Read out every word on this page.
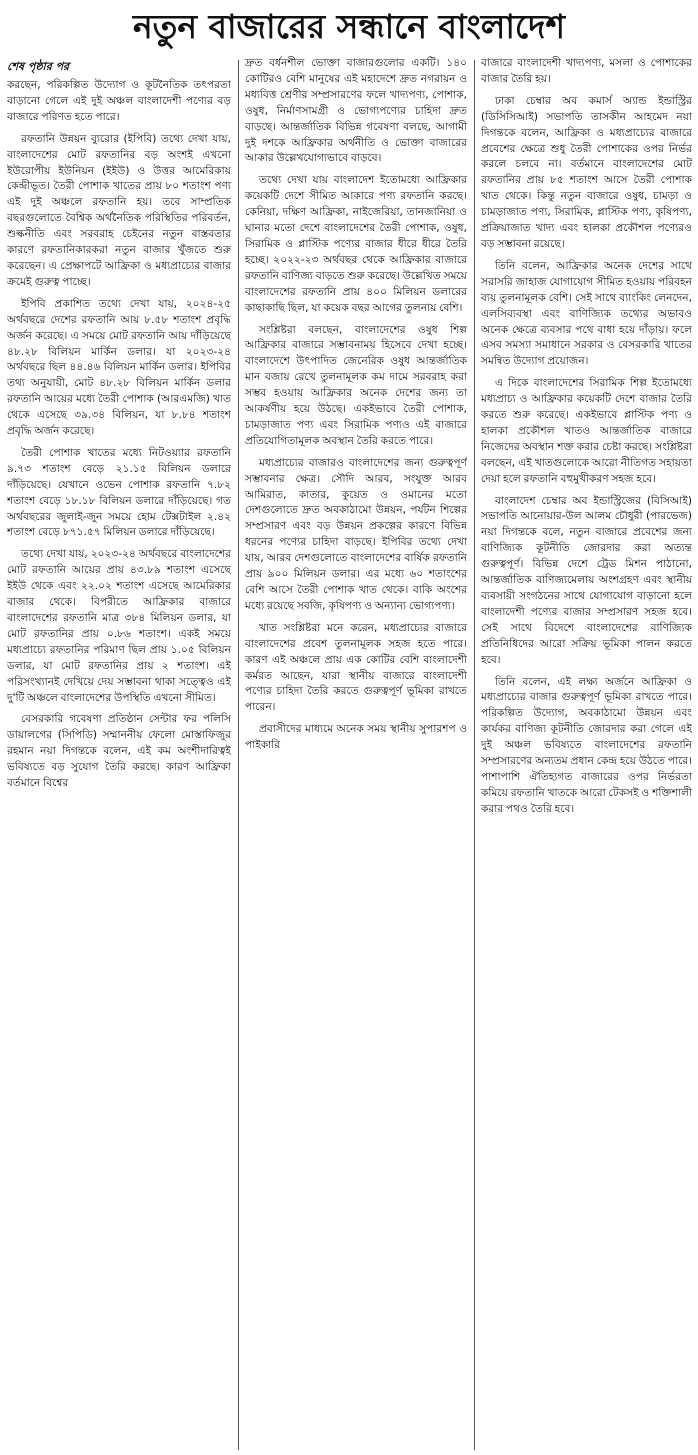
নতুন বাজারের সন্ধানে বাংলাদেশ
শেষ পৃষ্ঠার পর

করছেন, পরিকল্পিত উদ্যোগ ও কূটনৈতিক তৎপরতা বাড়ানো গেলে এই দুই অঞ্চল বাংলাদেশী পণ্যের বড় বাজারে পরিণত হতে পারে।

রফতানি উন্নয়ন ব্যুরোর (ইপিবি) তথ্যে দেখা যায়, বাংলাদেশের মোট রফতানির বড় অংশই এখনো ইউরোপীয় ইউনিয়ন (ইইউ) ও উত্তর আমেরিকায় কেন্দ্রীভূত। তৈরী পোশাক খাতের প্রায় ৮০ শতাংশ পণ্য এই দুই অঞ্চলে রফতানি হয়। তবে সাম্প্রতিক বছরগুলোতে বৈশ্বিক অর্থনৈতিক পরিস্থিতির পরিবর্তন, শুল্কনীতি এবং সরবরাহ চেইনের নতুন বাস্তবতার কারণে রফতানিকারকরা নতুন বাজার খুঁজতে শুরু করেছেন। এ প্রেক্ষাপটে আফ্রিকা ও মধ্যপ্রাচ্যের বাজার ক্রমেই গুরুত্ব পাচ্ছে।

ইপিবি প্রকাশিত তথ্যে দেখা যায়, ২০২৪-২৫ অর্থবছরে দেশের রফতানি আয় ৮.৫৮ শতাংশ প্রবৃদ্ধি অর্জন করেছে। এ সময়ে মোট রফতানি আয় দাঁড়িয়েছে ৪৮.২৮ বিলিয়ন মার্কিন ডলার। যা ২০২৩-২৪ অর্থবছরে ছিল ৪৪.৪৬ বিলিয়ন মার্কিন ডলার। ইপিবির তথ্য অনুযায়ী, মোট ৪৮.২৮ বিলিয়ন মার্কিন ডলার রফতানি আয়ের মধ্যে তৈরী পোশাক (আরএমজি) খাত থেকে এসেছে ৩৯.৩৪ বিলিয়ন, যা ৮.৮৪ শতাংশ প্রবৃদ্ধি অর্জন করেছে।

তৈরী পোশাক খাতের মধ্যে নিটওয়্যার রফতানি ৯.৭৩ শতাংশ বেড়ে ২১.১৫ বিলিয়ন ডলারে দাঁড়িয়েছে। যেখানে ওভেন পোশাক রফতানি ৭.৮২ শতাংশ বেড়ে ১৮.১৮ বিলিয়ন ডলারে দাঁড়িয়েছে। গত অর্থবছরের জুলাই-জুন সময়ে হোম টেক্সটাইল ২.৪২ শতাংশ বেড়ে ৮৭১.৫৭ মিলিয়ন ডলারে দাঁড়িয়েছে।

তথ্যে দেখা যায়, ২০২৩-২৪ অর্থবছরে বাংলাদেশের মোট রফতানি আয়ের প্রায় ৪৩.৮৯ শতাংশ এসেছে ইইউ থেকে এবং ২২.০২ শতাংশ এসেছে আমেরিকার বাজার থেকে। বিপরীতে আফ্রিকার বাজারে বাংলাদেশের রফতানি মাত্র ৩৮৪ মিলিয়ন ডলার, যা মোট রফতানির প্রায় ০.৮৬ শতাংশ। একই সময়ে মধ্যপ্রাচ্যে রফতানির পরিমাণ ছিল প্রায় ১.০৫ বিলিয়ন ডলার, যা মোট রফতানির প্রায় ২ শতাংশ। এই পরিসংখ্যানই দেখিয়ে দেয় সম্ভাবনা থাকা সত্ত্বেও এই দু'টি অঞ্চলে বাংলাদেশের উপস্থিতি এখনো সীমিত।

বেসরকারি গবেষণা প্রতিষ্ঠান সেন্টার ফর পলিসি ডায়ালগের (সিপিডি) সম্মাননীয় ফেলো মোস্তাফিজুর রহমান নয়া দিগন্তকে বলেন, এই কম অংশীদারিত্বই ভবিষ্যতে বড় সুযোগ তৈরি করছে। কারণ আফ্রিকা বর্তমানে বিশ্বের

দ্রুত বর্ধনশীল ভোক্তা বাজারগুলোর একটি। ১৪০ কোটিরও বেশি মানুষের এই মহাদেশে দ্রুত নগরায়ন ও মধ্যবিত্ত শ্রেণীর সম্প্রসারণের ফলে খাদ্যপণ্য, পোশাক, ওষুধ, নির্মাণসামগ্রী ও ভোগ্যপণ্যের চাহিদা দ্রুত বাড়ছে। আন্তর্জাতিক বিভিন্ন গবেষণা বলছে, আগামী দুই দশকে আফ্রিকার অর্থনীতি ও ভোক্তা বাজারের আকার উল্লেখযোগ্যভাবে বাড়বে।

তথ্যে দেখা যায় বাংলাদেশ ইতোমধ্যে আফ্রিকার কয়েকটি দেশে সীমিত আকারে পণ্য রফতানি করছে। কেনিয়া, দক্ষিণ আফ্রিকা, নাইজেরিয়া, তানজানিয়া ও ঘানার মতো দেশে বাংলাদেশের তৈরী পোশাক, ওষুধ, সিরামিক ও প্লাস্টিক পণ্যের বাজার ধীরে ধীরে তৈরি হচ্ছে। ২০২২-২৩ অর্থবছর থেকে আফ্রিকার বাজারে রফতানি বাণিজ্য বাড়তে শুরু করেছে। উল্লেখিত সময়ে বাংলাদেশের রফতানি প্রায় ৪০০ মিলিয়ন ডলারের কাছাকাছি ছিল, যা কয়েক বছর আগের তুলনায় বেশি।

সংশ্লিষ্টরা বলছেন, বাংলাদেশের ওষুধ শিল্প আফ্রিকার বাজারে সম্ভাবনাময় হিসেবে দেখা হচ্ছে। বাংলাদেশে উৎপাদিত জেনেরিক ওষুধ আন্তর্জাতিক মান বজায় রেখে তুলনামূলক কম দামে সরবরাহ করা সম্ভব হওয়ায় আফ্রিকার অনেক দেশের জন্য তা আকর্ষণীয় হয়ে উঠছে। একইভাবে তৈরী পোশাক, চামড়াজাত পণ্য এবং সিরামিক পণ্যও এই বাজারে প্রতিযোগিতামূলক অবস্থান তৈরি করতে পারে।

মধ্যপ্রাচ্যের বাজারও বাংলাদেশের জন্য গুরুত্বপূর্ণ সম্ভাবনার ক্ষেত্র। সৌদি আরব, সংযুক্ত আরব আমিরাত, কাতার, কুয়েত ও ওমানের মতো দেশগুলোতে দ্রুত অবকাঠামো উন্নয়ন, পর্যটন শিল্পের সম্প্রসারণ এবং বড় উন্নয়ন প্রকল্পের কারণে বিভিন্ন ধরনের পণ্যের চাহিদা বাড়ছে। ইপিবির তথ্যে দেখা যায়, আরব দেশগুলোতে বাংলাদেশের বার্ষিক রফতানি প্রায় ৯০০ মিলিয়ন ডলার। এর মধ্যে ৬০ শতাংশের বেশি আসে তৈরী পোশাক খাত থেকে। বাকি অংশের মধ্যে রয়েছে সবজি, কৃষিপণ্য ও অন্যান্য ভোগ্যপণ্য।

খাত সংশ্লিষ্টরা মনে করেন, মধ্যপ্রাচ্যের বাজারে বাংলাদেশের প্রবেশ তুলনামূলক সহজ হতে পারে। কারণ এই অঞ্চলে প্রায় এক কোটির বেশি বাংলাদেশী কর্মরত আছেন, যারা স্থানীয় বাজারে বাংলাদেশী পণ্যের চাহিদা তৈরি করতে গুরুত্বপূর্ণ ভূমিকা রাখতে পারেন।

প্রবাসীদের মাধ্যমে অনেক সময় স্থানীয় সুপারশপ ও পাইকারি

বাজারে বাংলাদেশী খাদ্যপণ্য, মসলা ও পোশাকের বাজার তৈরি হয়।

ঢাকা চেম্বার অব কমার্স অ্যান্ড ইন্ডাস্ট্রির (ডিসিসিআই) সভাপতি তাসকীন আহমেদ নয়া দিগন্তকে বলেন, আফ্রিকা ও মধ্যপ্রাচ্যের বাজারে প্রবেশের ক্ষেত্রে শুধু তৈরী পোশাকের ওপর নির্ভর করলে চলবে না। বর্তমানে বাংলাদেশের মোট রফতানির প্রায় ৮৫ শতাংশ আসে তৈরী পোশাক খাত থেকে। কিন্তু নতুন বাজারে ওষুধ, চামড়া ও চামড়াজাত পণ্য, সিরামিক, প্লাস্টিক পণ্য, কৃষিপণ্য, প্রক্রিয়াজাত খাদ্য এবং হালকা প্রকৌশল পণ্যেরও বড় সম্ভাবনা রয়েছে।

তিনি বলেন, আফ্রিকার অনেক দেশের সাথে সরাসরি জাহাজ যোগাযোগ সীমিত হওয়ায় পরিবহন ব্যয় তুলনামূলক বেশি। সেই সাথে ব্যাংকিং লেনদেন, এলসিব্যবস্থা এবং বাণিজ্যিক তথ্যের অভাবও অনেক ক্ষেত্রে ব্যবসার পথে বাধা হয়ে দাঁড়ায়। ফলে এসব সমস্যা সমাধানে সরকার ও বেসরকারি খাতের সমন্বিত উদ্যোগ প্রয়োজন।

এ দিকে বাংলাদেশের সিরামিক শিল্প ইতোমধ্যে মধ্যপ্রাচ্য ও আফ্রিকার কয়েকটি দেশে বাজার তৈরি করতে শুরু করেছে। একইভাবে প্লাস্টিক পণ্য ও হালকা প্রকৌশল খাতও আন্তর্জাতিক বাজারে নিজেদের অবস্থান শক্ত করার চেষ্টা করছে। সংশ্লিষ্টরা বলছেন, এই খাতগুলোকে আরো নীতিগত সহায়তা দেয়া হলে রফতানি বহুমুখীকরণ সহজ হবে।

বাংলাদেশ চেম্বার অব ইন্ডাস্ট্রিজের (বিসিআই) সভাপতি আনোয়ার-উল আলম চৌধুরী (পারভেজ) নয়া দিগন্তকে বলে, নতুন বাজারে প্রবেশের জন্য বাণিজ্যিক কূটনীতি জোরদার করা অত্যন্ত গুরুত্বপূর্ণ। বিভিন্ন দেশে ট্রেড মিশন পাঠানো, আন্তর্জাতিক বাণিজ্যমেলায় অংশগ্রহণ এবং স্থানীয় ব্যবসায়ী সংগঠনের সাথে যোগাযোগ বাড়ানো হলে বাংলাদেশী পণ্যের বাজার সম্প্রসারণ সহজ হবে। সেই সাথে বিদেশে বাংলাদেশের বাণিজ্যিক প্রতিনিধিদের আরো সক্রিয় ভূমিকা পালন করতে হবে।

তিনি বলেন, এই লক্ষ্য অর্জনে আফ্রিকা ও মধ্যপ্রাচ্যের বাজার গুরুত্বপূর্ণ ভূমিকা রাখতে পারে। পরিকল্পিত উদ্যোগ, অবকাঠামো উন্নয়ন এবং কার্যকর বাণিজ্য কূটনীতি জোরদার করা গেলে এই দুই অঞ্চল ভবিষ্যতে বাংলাদেশের রফতানি সম্প্রসারণের অন্যতম প্রধান কেন্দ্র হয়ে উঠতে পারে। পাশাপাশি ঐতিহ্যগত বাজারের ওপর নির্ভরতা কমিয়ে রফতানি খাতকে আরো টেকসই ও শক্তিশালী করার পথও তৈরি হবে।
